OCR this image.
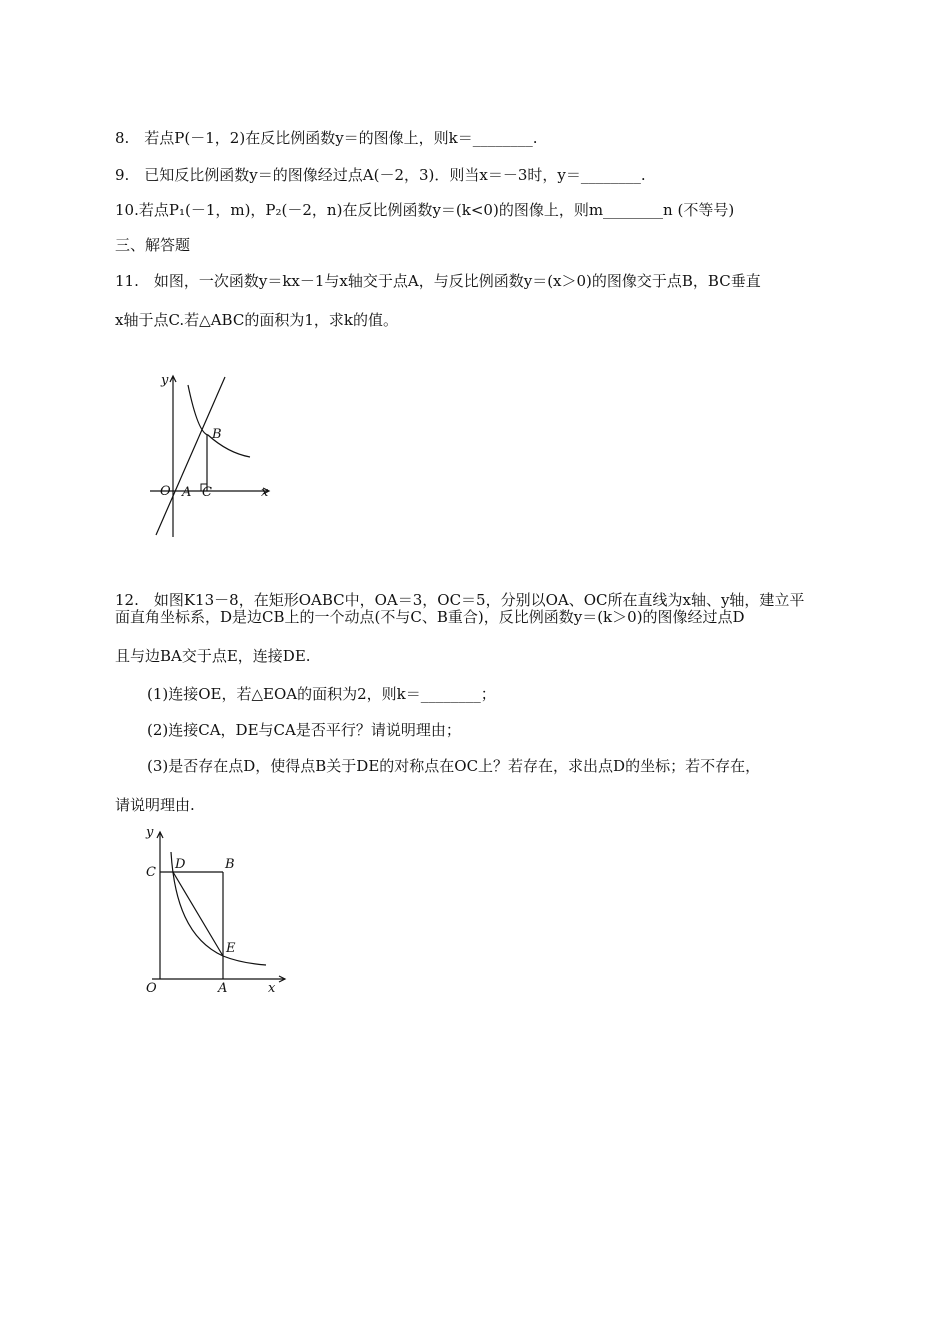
8.　若点P(－1，2)在反比例函数y＝的图像上，则k＝________.
9.　已知反比例函数y＝的图像经过点A(－2，3)．则当x＝－3时，y＝________.
10.若点P₁(－1，m)，P₂(－2，n)在反比例函数y＝(k<0)的图像上，则m________n (不等号)
三、解答题
11.　如图，一次函数y＝kx－1与x轴交于点A，与反比例函数y＝(x＞0)的图像交于点B，BC垂直
x轴于点C.若△ABC的面积为1，求k的值。
y
x
O A C
B
12.　如图K13－8，在矩形OABC中，OA＝3，OC＝5，分别以OA、OC所在直线为x轴、y轴，建立平
面直角坐标系，D是边CB上的一个动点(不与C、B重合)，反比例函数y＝(k＞0)的图像经过点D
且与边BA交于点E，连接DE.
(1)连接OE，若△EOA的面积为2，则k＝________；
(2)连接CA，DE与CA是否平行？请说明理由；
(3)是否存在点D，使得点B关于DE的对称点在OC上？若存在，求出点D的坐标；若不存在，
请说明理由.
y
x
O	A
C
D	B
E
